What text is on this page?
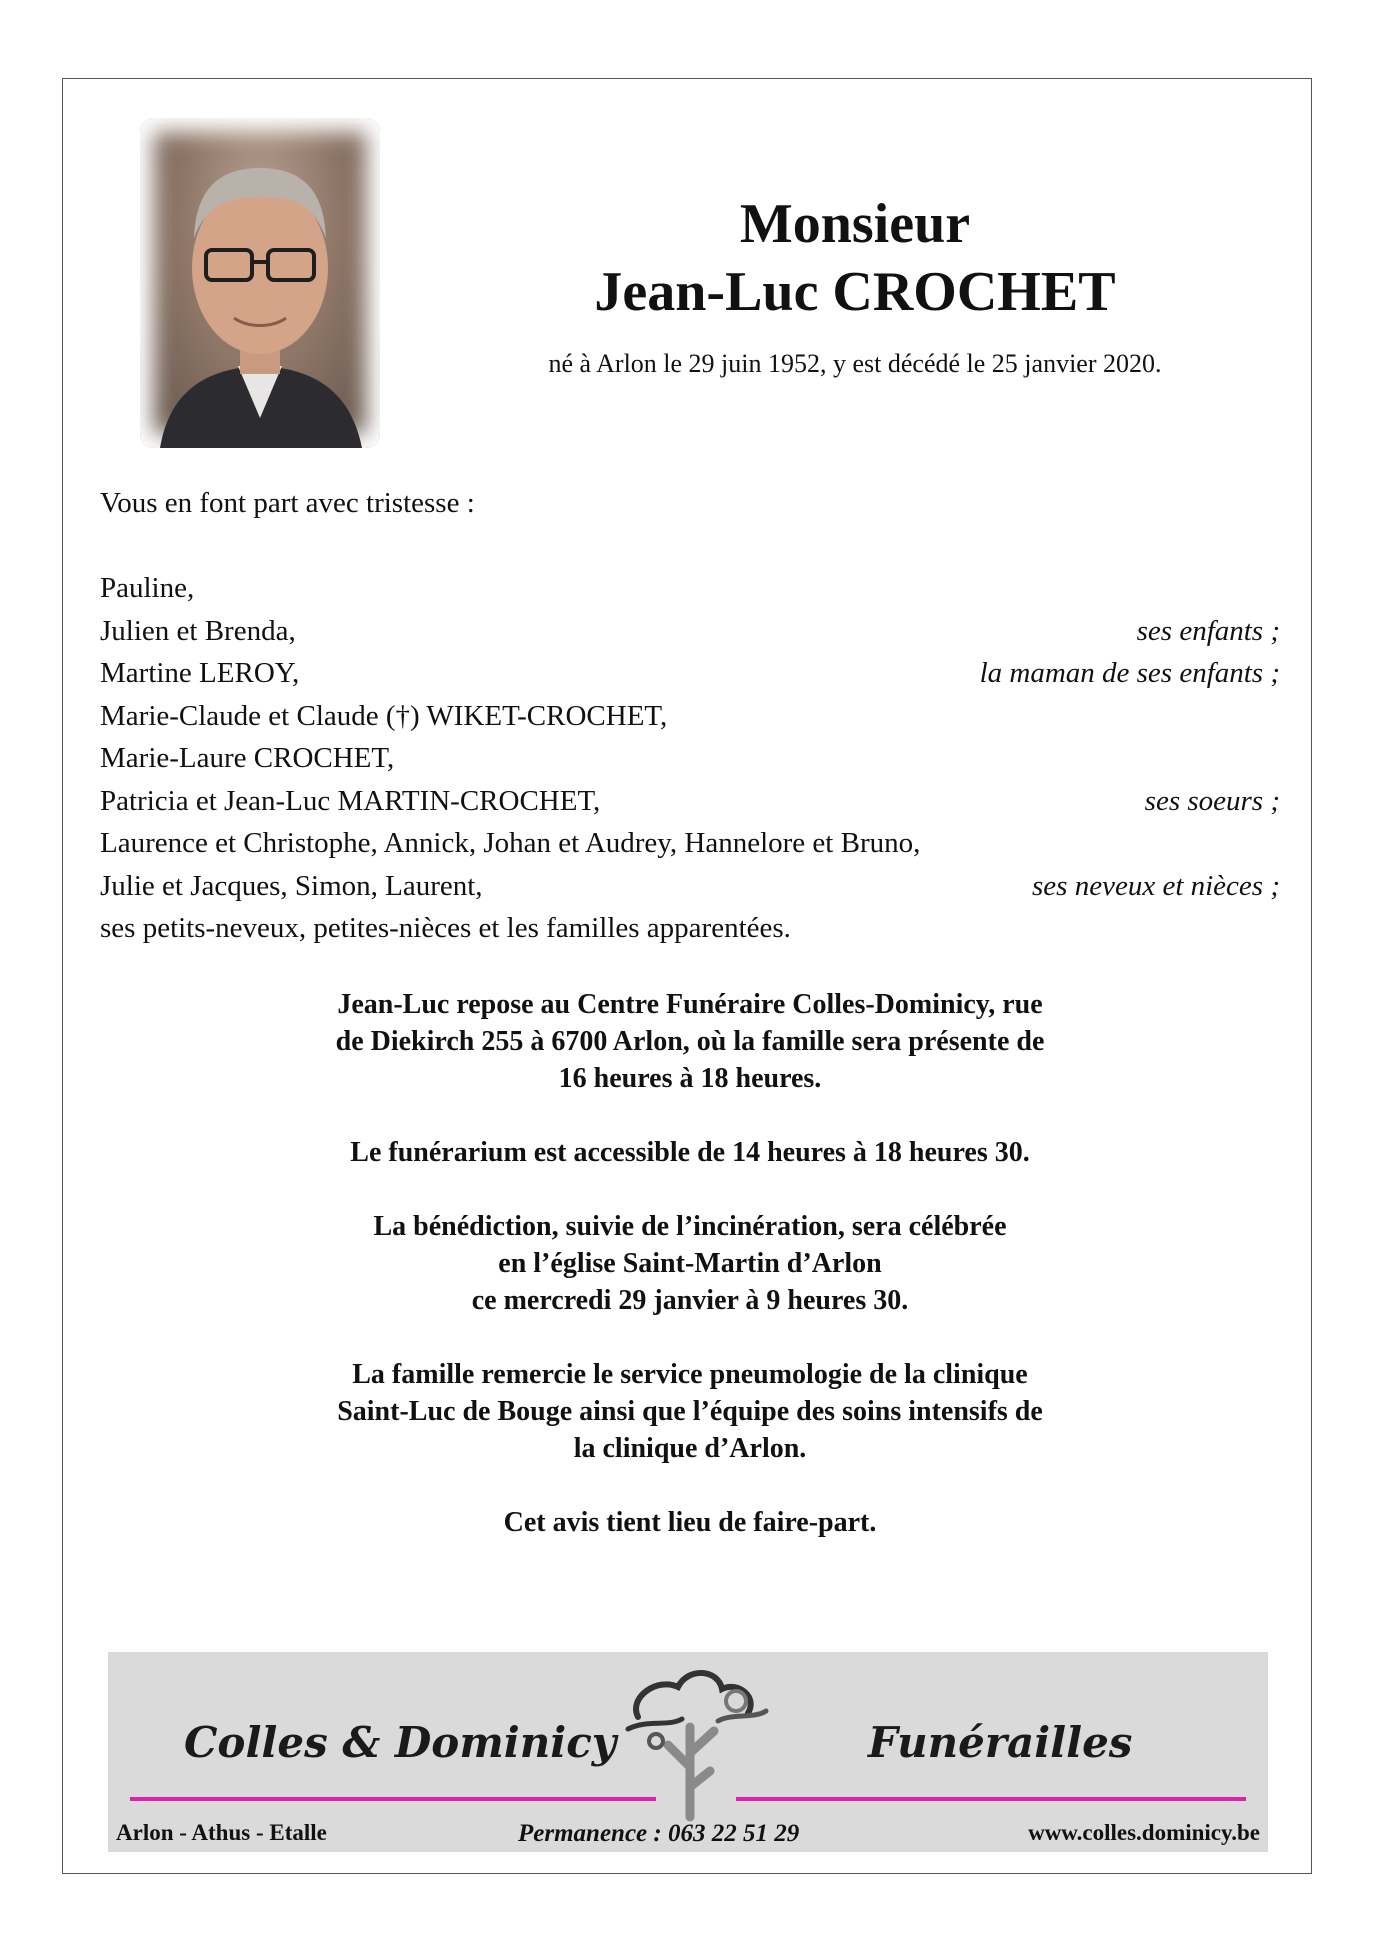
Monsieur
Jean-Luc CROCHET
né à Arlon le 29 juin 1952, y est décédé le 25 janvier 2020.
Vous en font part avec tristesse :
Pauline,
Julien et Brenda,	ses enfants ;
Martine LEROY,	la maman de ses enfants ;
Marie-Claude et Claude (†) WIKET-CROCHET,
Marie-Laure CROCHET,
Patricia et Jean-Luc MARTIN-CROCHET,	ses soeurs ;
Laurence et Christophe, Annick, Johan et Audrey, Hannelore et Bruno,
Julie et Jacques, Simon, Laurent,	ses neveux et nièces ;
ses petits-neveux, petites-nièces et les familles apparentées.
Jean-Luc repose au Centre Funéraire Colles-Dominicy, rue
de Diekirch 255 à 6700 Arlon, où la famille sera présente de
16 heures à 18 heures.
Le funérarium est accessible de 14 heures à 18 heures 30.
La bénédiction, suivie de l’incinération, sera célébrée
en l’église Saint-Martin d’Arlon
ce mercredi 29 janvier à 9 heures 30.
La famille remercie le service pneumologie de la clinique
Saint-Luc de Bouge ainsi que l’équipe des soins intensifs de
la clinique d’Arlon.
Cet avis tient lieu de faire-part.
Colles & Dominicy	Funérailles
Arlon - Athus - Etalle	Permanence : 063 22 51 29	www.colles.dominicy.be
